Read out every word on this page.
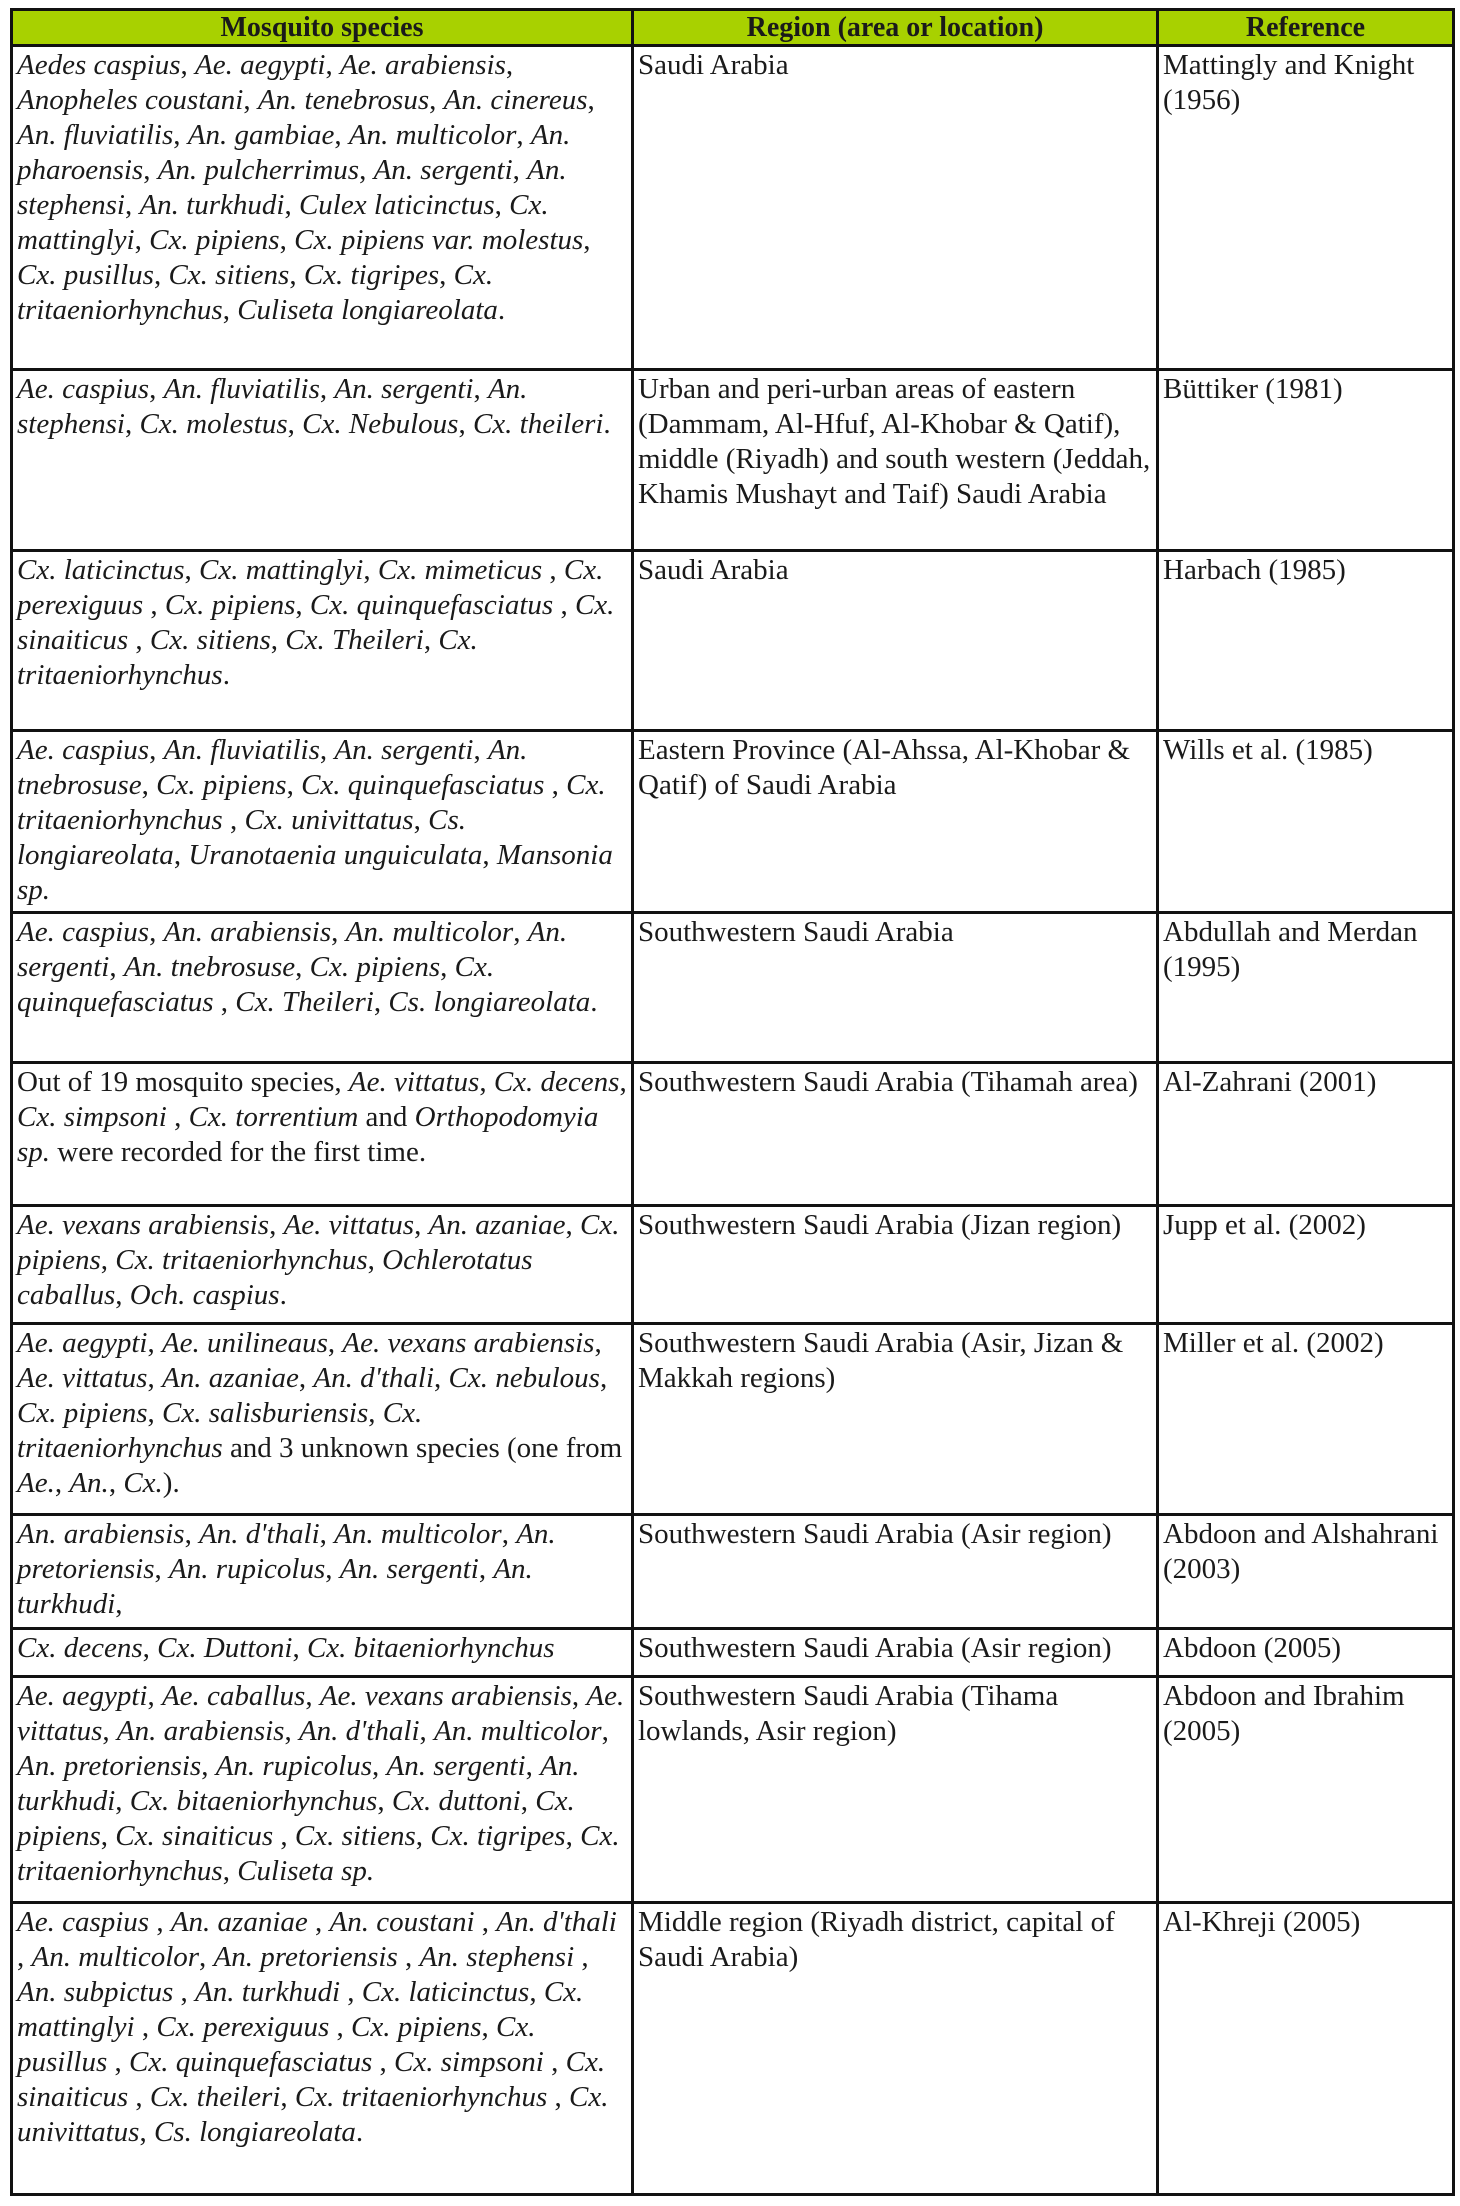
Mosquito species	Region (area or location)	Reference
Aedes caspius, Ae. aegypti, Ae. arabiensis, Anopheles coustani, An. tenebrosus, An. cinereus, An. fluviatilis, An. gambiae, An. multicolor, An. pharoensis, An. pulcherrimus, An. sergenti, An. stephensi, An. turkhudi, Culex laticinctus, Cx. mattinglyi, Cx. pipiens, Cx. pipiens var. molestus, Cx. pusillus, Cx. sitiens, Cx. tigripes, Cx. tritaeniorhynchus, Culiseta longiareolata.	Saudi Arabia	Mattingly and Knight (1956)
Ae. caspius, An. fluviatilis, An. sergenti, An. stephensi, Cx. molestus, Cx. Nebulous, Cx. theileri.	Urban and peri-urban areas of eastern (Dammam, Al-Hfuf, Al-Khobar & Qatif), middle (Riyadh) and south western (Jeddah, Khamis Mushayt and Taif) Saudi Arabia	Büttiker (1981)
Cx. laticinctus, Cx. mattinglyi, Cx. mimeticus , Cx. perexiguus , Cx. pipiens, Cx. quinquefasciatus , Cx. sinaiticus , Cx. sitiens, Cx. Theileri, Cx. tritaeniorhynchus.	Saudi Arabia	Harbach (1985)
Ae. caspius, An. fluviatilis, An. sergenti, An. tnebrosuse, Cx. pipiens, Cx. quinquefasciatus , Cx. tritaeniorhynchus , Cx. univittatus, Cs. longiareolata, Uranotaenia unguiculata, Mansonia sp.	Eastern Province (Al-Ahssa, Al-Khobar & Qatif) of Saudi Arabia	Wills et al. (1985)
Ae. caspius, An. arabiensis, An. multicolor, An. sergenti, An. tnebrosuse, Cx. pipiens, Cx. quinquefasciatus , Cx. Theileri, Cs. longiareolata.	Southwestern Saudi Arabia	Abdullah and Merdan (1995)
Out of 19 mosquito species, Ae. vittatus, Cx. decens, Cx. simpsoni , Cx. torrentium and Orthopodomyia sp. were recorded for the first time.	Southwestern Saudi Arabia (Tihamah area)	Al-Zahrani (2001)
Ae. vexans arabiensis, Ae. vittatus, An. azaniae, Cx. pipiens, Cx. tritaeniorhynchus, Ochlerotatus caballus, Och. caspius.	Southwestern Saudi Arabia (Jizan region)	Jupp et al. (2002)
Ae. aegypti, Ae. unilineaus, Ae. vexans arabiensis, Ae. vittatus, An. azaniae, An. d'thali, Cx. nebulous, Cx. pipiens, Cx. salisburiensis, Cx. tritaeniorhynchus and 3 unknown species (one from Ae., An., Cx.).	Southwestern Saudi Arabia (Asir, Jizan & Makkah regions)	Miller et al. (2002)
An. arabiensis, An. d'thali, An. multicolor, An. pretoriensis, An. rupicolus, An. sergenti, An. turkhudi,	Southwestern Saudi Arabia (Asir region)	Abdoon and Alshahrani (2003)
Cx. decens, Cx. Duttoni, Cx. bitaeniorhynchus	Southwestern Saudi Arabia (Asir region)	Abdoon (2005)
Ae. aegypti, Ae. caballus, Ae. vexans arabiensis, Ae. vittatus, An. arabiensis, An. d'thali, An. multicolor, An. pretoriensis, An. rupicolus, An. sergenti, An. turkhudi, Cx. bitaeniorhynchus, Cx. duttoni, Cx. pipiens, Cx. sinaiticus , Cx. sitiens, Cx. tigripes, Cx. tritaeniorhynchus, Culiseta sp.	Southwestern Saudi Arabia (Tihama lowlands, Asir region)	Abdoon and Ibrahim (2005)
Ae. caspius , An. azaniae , An. coustani , An. d'thali , An. multicolor, An. pretoriensis , An. stephensi , An. subpictus , An. turkhudi , Cx. laticinctus, Cx. mattinglyi , Cx. perexiguus , Cx. pipiens, Cx. pusillus , Cx. quinquefasciatus , Cx. simpsoni , Cx. sinaiticus , Cx. theileri, Cx. tritaeniorhynchus , Cx. univittatus, Cs. longiareolata.	Middle region (Riyadh district, capital of Saudi Arabia)	Al-Khreji (2005)
